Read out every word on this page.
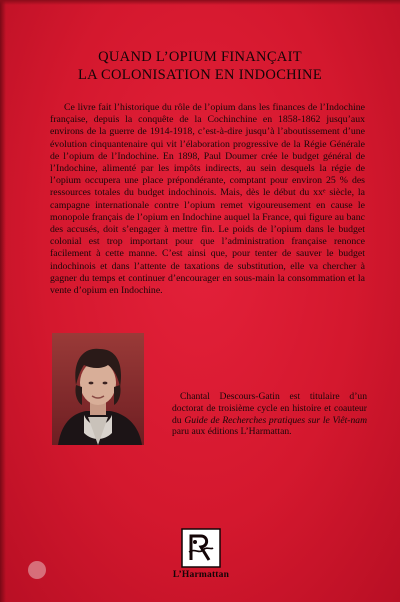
QUAND L’OPIUM FINANÇAIT
LA COLONISATION EN INDOCHINE

Ce livre fait l’historique du rôle de l’opium dans les finances de l’Indochine française, depuis la conquête de la Cochinchine en 1858-1862 jusqu’aux environs de la guerre de 1914-1918, c’est-à-dire jusqu’à l’aboutissement d’une évolution cinquantenaire qui vit l’élaboration progressive de la Régie Générale de l’opium de l’Indochine. En 1898, Paul Doumer crée le budget général de l’Indochine, alimenté par les impôts indirects, au sein desquels la régie de l’opium occupera une place prépondérante, comptant pour environ 25 % des ressources totales du budget indochinois. Mais, dès le début du xxᵉ siècle, la campagne internationale contre l’opium remet vigoureusement en cause le monopole français de l’opium en Indochine auquel la France, qui figure au banc des accusés, doit s’engager à mettre fin. Le poids de l’opium dans le budget colonial est trop important pour que l’administration française renonce facilement à cette manne. C’est ainsi que, pour tenter de sauver le budget indochinois et dans l’attente de taxations de substitution, elle va chercher à gagner du temps et continuer d’encourager en sous-main la consommation et la vente d’opium en Indochine.

Chantal Descours-Gatin est titulaire d’un doctorat de troisième cycle en histoire et coauteur du Guide de Recherches pratiques sur le Viêt-nam paru aux éditions L’Harmattan.

L’Harmattan
